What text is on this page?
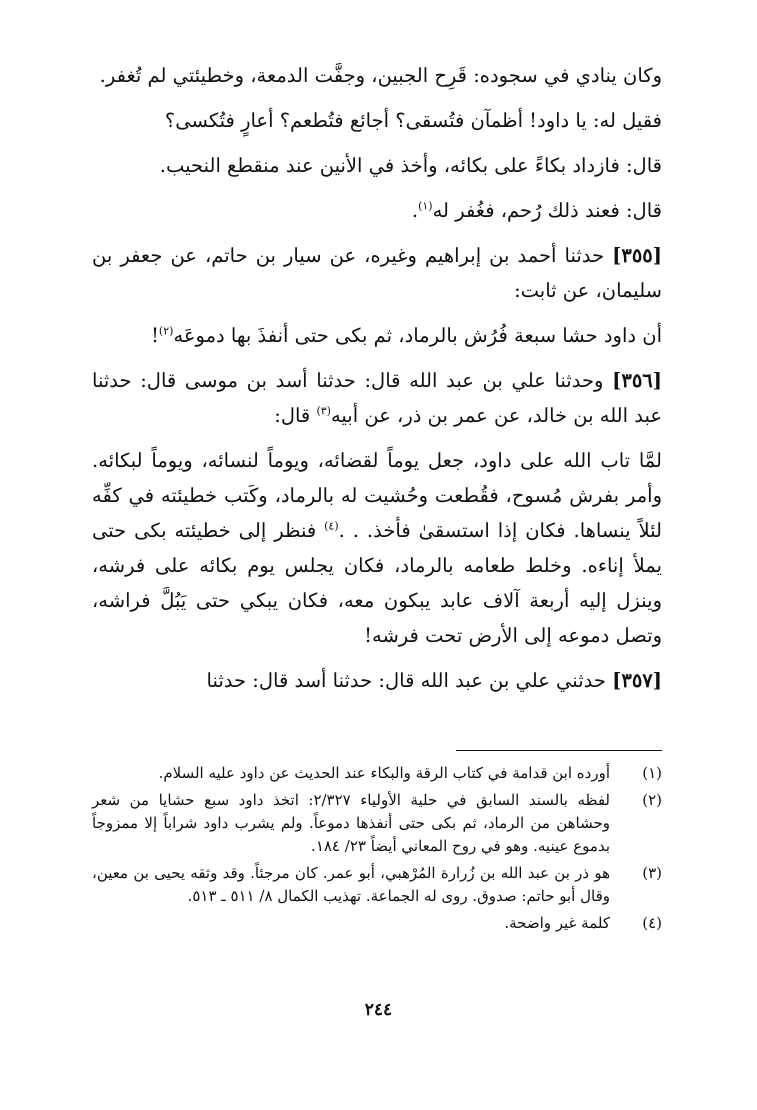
وكان ينادي في سجوده: قَرِح الجبين، وجفَّت الدمعة، وخطيئتي لم تُغفر.

فقيل له: يا داود! أظمآن فتُسقى؟ أجائع فتُطعم؟ أعارٍ فتُكسى؟

قال: فازداد بكاءً على بكائه، وأخذ في الأنين عند منقطع النحيب.

قال: فعند ذلك رُحم، فغُفر له$^{(١)}$.

[٣٥٥] حدثنا أحمد بن إبراهيم وغيره، عن سيار بن حاتم، عن جعفر بن سليمان، عن ثابت:

أن داود حشا سبعة فُرُش بالرماد، ثم بكى حتى أنفذَ بها دموعَه$^{(٢)}$!

[٣٥٦] وحدثنا علي بن عبد الله قال: حدثنا أسد بن موسى قال: حدثنا عبد الله بن خالد، عن عمر بن ذر، عن أبيه$^{(٣)}$ قال:

لمَّا تاب الله على داود، جعل يوماً لقضائه، ويوماً لنسائه، ويوماً لبكائه. وأمر بفرش مُسوح، فقُطعت وحُشيت له بالرماد، وكَتب خطيئته في كفِّه لئلاً ينساها. فكان إذا استسقىٰ فأخذ. . .$^{(٤)}$ فنظر إلى خطيئته بكى حتى يملأ إناءه. وخلط طعامه بالرماد، فكان يجلس يوم بكائه على فرشه، وينزل إليه أربعة آلاف عابد يبكون معه، فكان يبكي حتى يَبُلَّ فراشه، وتصل دموعه إلى الأرض تحت فرشه!

[٣٥٧] حدثني علي بن عبد الله قال: حدثنا أسد قال: حدثنا

(١)
أورده ابن قدامة في كتاب الرقة والبكاء عند الحديث عن داود عليه السلام.
(٢)
لفظه بالسند السابق في حلية الأولياء ٢/٣٢٧: اتخذ داود سبع حشايا من شعر وحشاهن من الرماد، ثم بكى حتى أنفذها دموعاً. ولم يشرب داود شراباً إلا ممزوجاً بدموع عينيه. وهو في روح المعاني أيضاً ٢٣/ ١٨٤.
(٣)
هو ذر بن عبد الله بن زُرارة المُرْهبي، أبو عمر. كان مرجئاً. وقد وثقه يحيى بن معين، وقال أبو حاتم: صدوق. روى له الجماعة. تهذيب الكمال ٨/ ٥١١ ـ ٥١٣.
(٤)
كلمة غير واضحة.
٢٤٤
